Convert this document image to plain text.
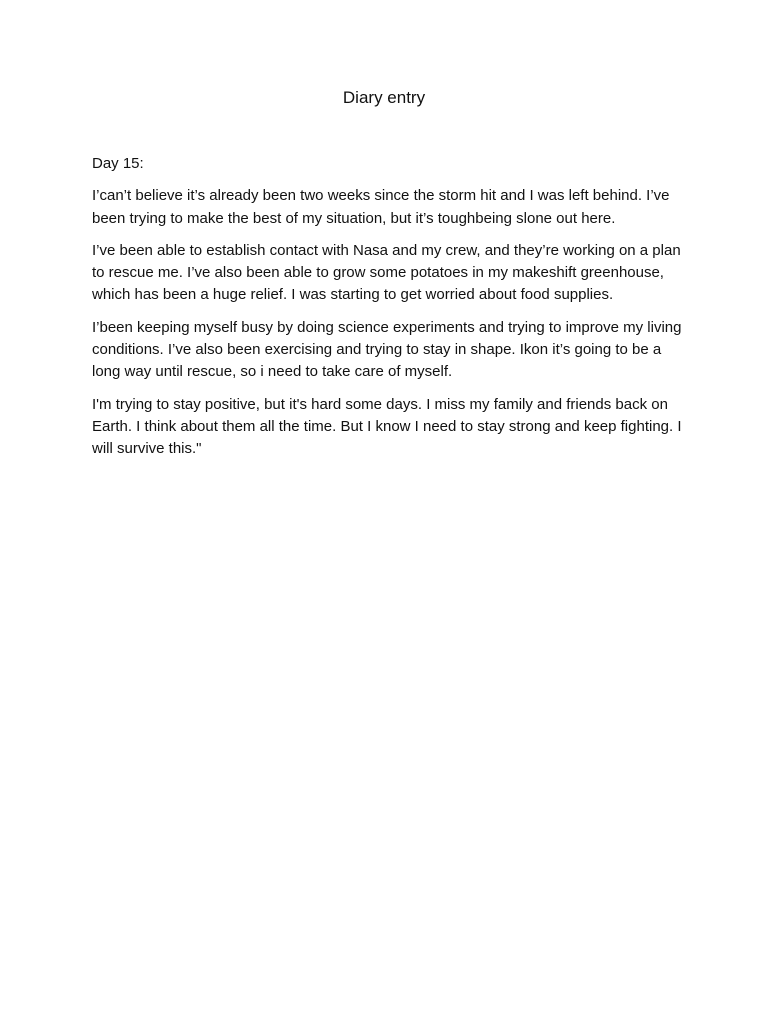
Diary entry

Day 15:

I’can’t believe it’s already been two weeks since the storm hit and I was left behind. I’ve been trying to make the best of my situation, but it’s toughbeing slone out here.

I’ve been able to establish contact with Nasa and my crew, and they’re working on a plan to rescue me. I’ve also been able to grow some potatoes in my makeshift greenhouse, which has been a huge relief. I was starting to get worried about food supplies.

I’been keeping myself busy by doing science experiments and trying to improve my living conditions. I’ve also been exercising and trying to stay in shape. Ikon it’s going to be a long way until rescue, so i need to take care of myself.

I'm trying to stay positive, but it's hard some days. I miss my family and friends back on Earth. I think about them all the time. But I know I need to stay strong and keep fighting. I will survive this."
